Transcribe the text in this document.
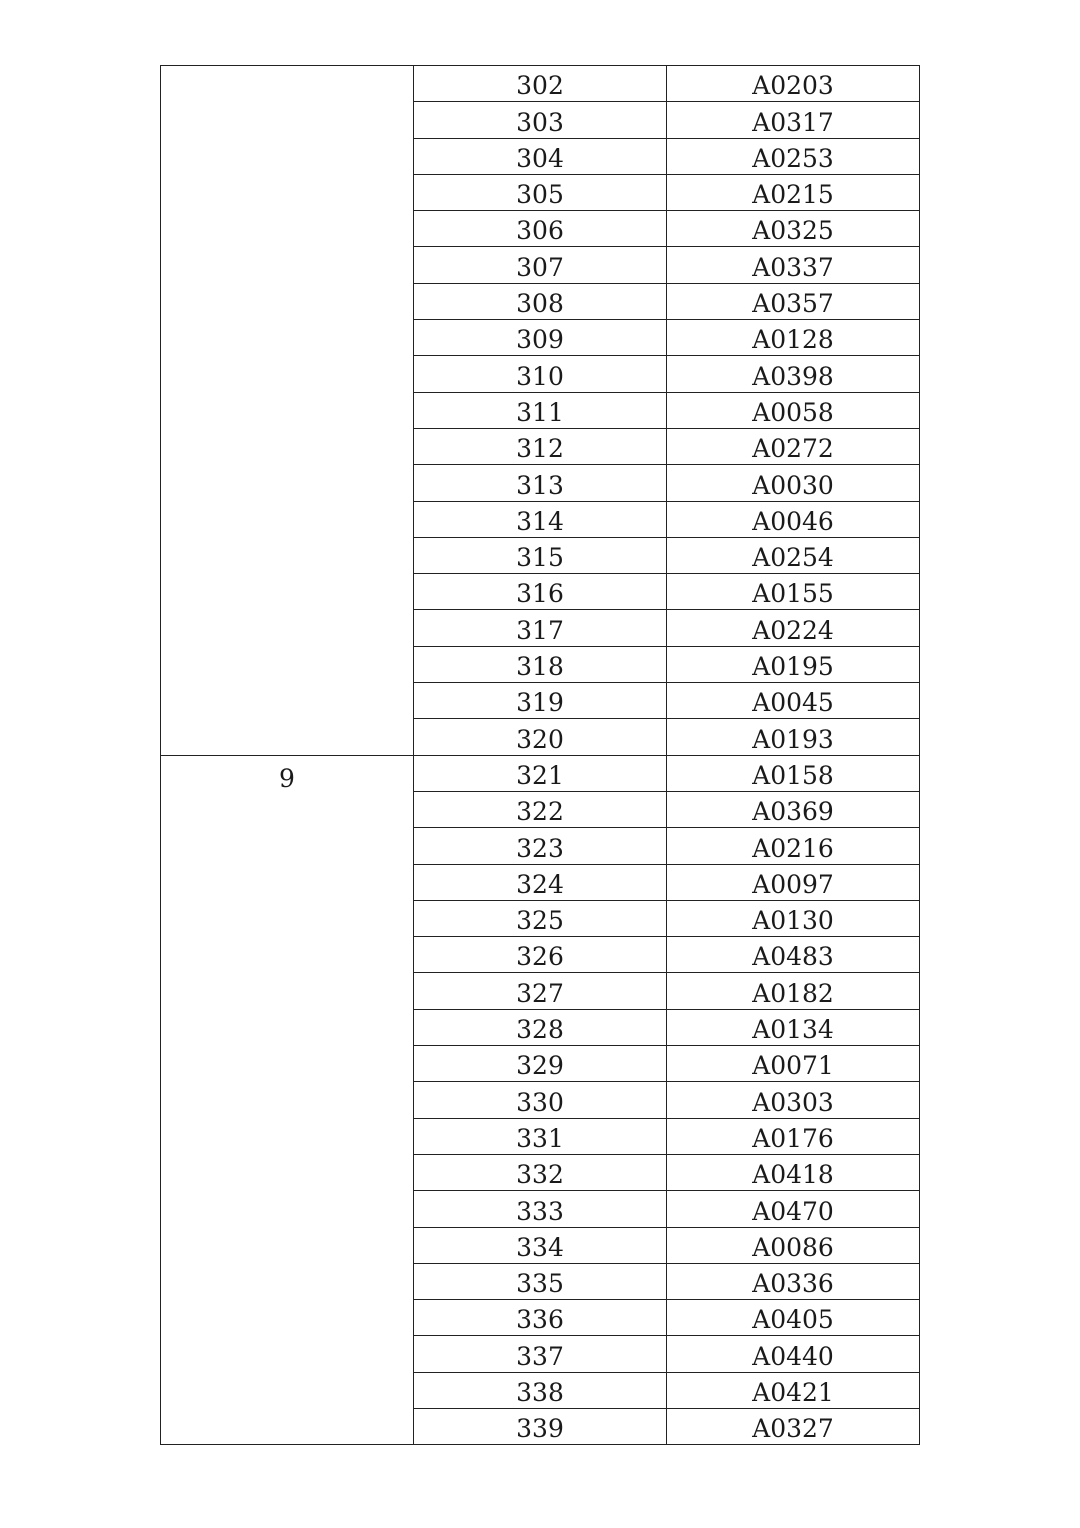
	302	A0203
	303	A0317
	304	A0253
	305	A0215
	306	A0325
	307	A0337
	308	A0357
	309	A0128
	310	A0398
	311	A0058
	312	A0272
	313	A0030
	314	A0046
	315	A0254
	316	A0155
	317	A0224
	318	A0195
	319	A0045
	320	A0193
9	321	A0158
	322	A0369
	323	A0216
	324	A0097
	325	A0130
	326	A0483
	327	A0182
	328	A0134
	329	A0071
	330	A0303
	331	A0176
	332	A0418
	333	A0470
	334	A0086
	335	A0336
	336	A0405
	337	A0440
	338	A0421
	339	A0327
